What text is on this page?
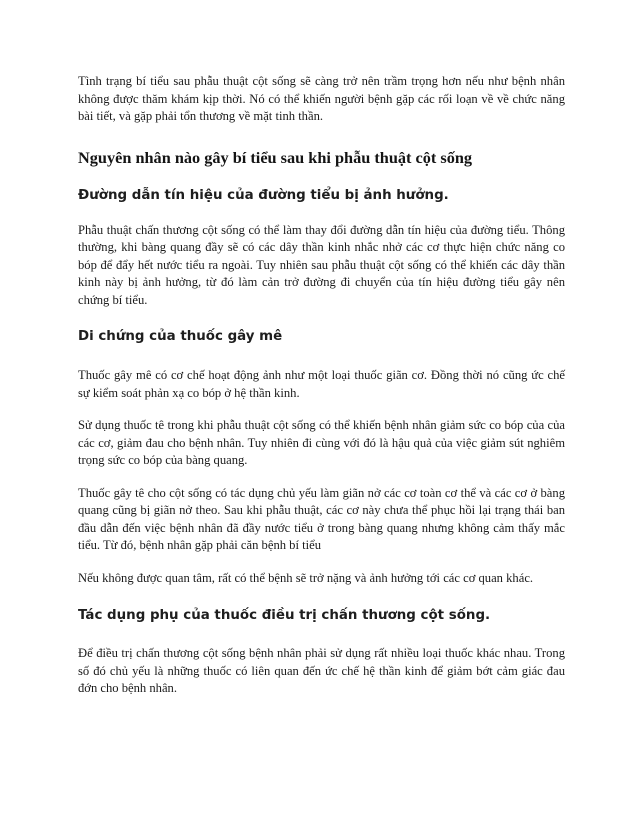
Tình trạng bí tiểu sau phẫu thuật cột sống sẽ càng trở nên trầm trọng hơn nếu như bệnh nhân không được thăm khám kịp thời. Nó có thể khiến người bệnh gặp các rối loạn về về chức năng bài tiết, và gặp phải tổn thương về mặt tinh thần.

Nguyên nhân nào gây bí tiểu sau khi phẫu thuật cột sống
Đường dẫn tín hiệu của đường tiểu bị ảnh hưởng.

Phẫu thuật chấn thương cột sống có thể làm thay đổi đường dẫn tín hiệu của đường tiểu. Thông thường, khi bàng quang đầy sẽ có các dây thần kinh nhắc nhở các cơ thực hiện chức năng co bóp để đẩy hết nước tiểu ra ngoài. Tuy nhiên sau phẫu thuật cột sống có thể khiến các dây thần kinh này bị ảnh hưởng, từ đó làm cản trở đường đi chuyển của tín hiệu đường tiểu gây nên chứng bí tiểu.

Di chứng của thuốc gây mê

Thuốc gây mê có cơ chế hoạt động ảnh như một loại thuốc giãn cơ. Đồng thời nó cũng ức chế sự kiểm soát phản xạ co bóp ở hệ thần kinh.

Sử dụng thuốc tê trong khi phẫu thuật cột sống có thể khiến bệnh nhân giảm sức co bóp của của các cơ, giảm đau cho bệnh nhân. Tuy nhiên đi cùng với đó là hậu quả của việc giảm sút nghiêm trọng sức co bóp của bàng quang.

Thuốc gây tê cho cột sống có tác dụng chủ yếu làm giãn nở các cơ toàn cơ thể và các cơ ở bàng quang cũng bị giãn nở theo. Sau khi phẫu thuật, các cơ này chưa thể phục hồi lại trạng thái ban đầu dẫn đến việc bệnh nhân đã đầy nước tiểu ở trong bàng quang nhưng không cảm thấy mắc tiểu. Từ đó, bệnh nhân gặp phải căn bệnh bí tiểu

Nếu không được quan tâm, rất có thể bệnh sẽ trở nặng và ảnh hưởng tới các cơ quan khác.

Tác dụng phụ của thuốc điều trị chấn thương cột sống.

Để điều trị chấn thương cột sống bệnh nhân phải sử dụng rất nhiều loại thuốc khác nhau. Trong số đó chủ yếu là những thuốc có liên quan đến ức chế hệ thần kinh để giảm bớt cảm giác đau đớn cho bệnh nhân.
